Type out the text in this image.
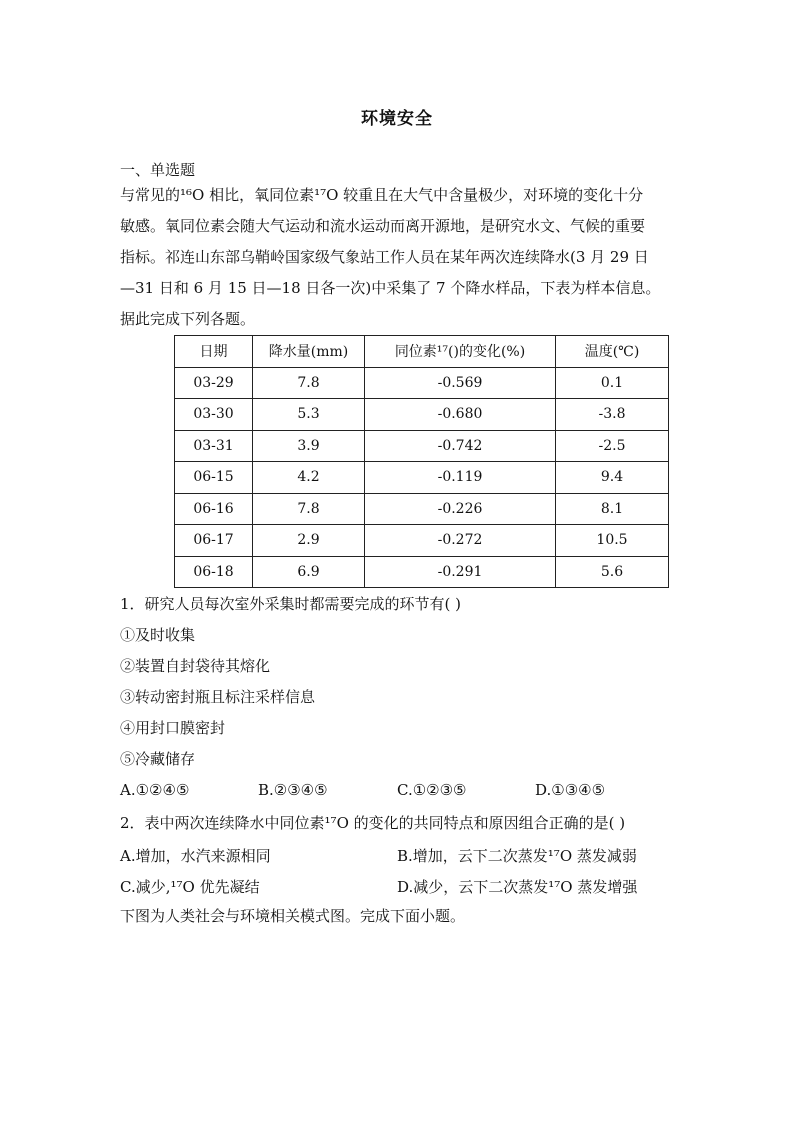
环境安全
一、单选题
与常见的¹⁶O 相比，氧同位素¹⁷O 较重且在大气中含量极少，对环境的变化十分
敏感。氧同位素会随大气运动和流水运动而离开源地，是研究水文、气候的重要
指标。祁连山东部乌鞘岭国家级气象站工作人员在某年两次连续降水(3 月 29 日
—31 日和 6 月 15 日—18 日各一次)中采集了 7 个降水样品，下表为样本信息。
据此完成下列各题。
日期	降水量(mm)	同位素¹⁷()的变化(%)	温度(℃)
03-29	7.8	-0.569	0.1
03-30	5.3	-0.680	-3.8
03-31	3.9	-0.742	-2.5
06-15	4.2	-0.119	9.4
06-16	7.8	-0.226	8.1
06-17	2.9	-0.272	10.5
06-18	6.9	-0.291	5.6
1．研究人员每次室外采集时都需要完成的环节有( )
①及时收集
②装置自封袋待其熔化
③转动密封瓶且标注采样信息
④用封口膜密封
⑤冷藏储存
A.①②④⑤	B.②③④⑤	C.①②③⑤	D.①③④⑤
2．表中两次连续降水中同位素¹⁷O 的变化的共同特点和原因组合正确的是( )
A.增加，水汽来源相同	B.增加，云下二次蒸发¹⁷O 蒸发减弱
C.减少,¹⁷O 优先凝结	D.减少，云下二次蒸发¹⁷O 蒸发增强
下图为人类社会与环境相关模式图。完成下面小题。
